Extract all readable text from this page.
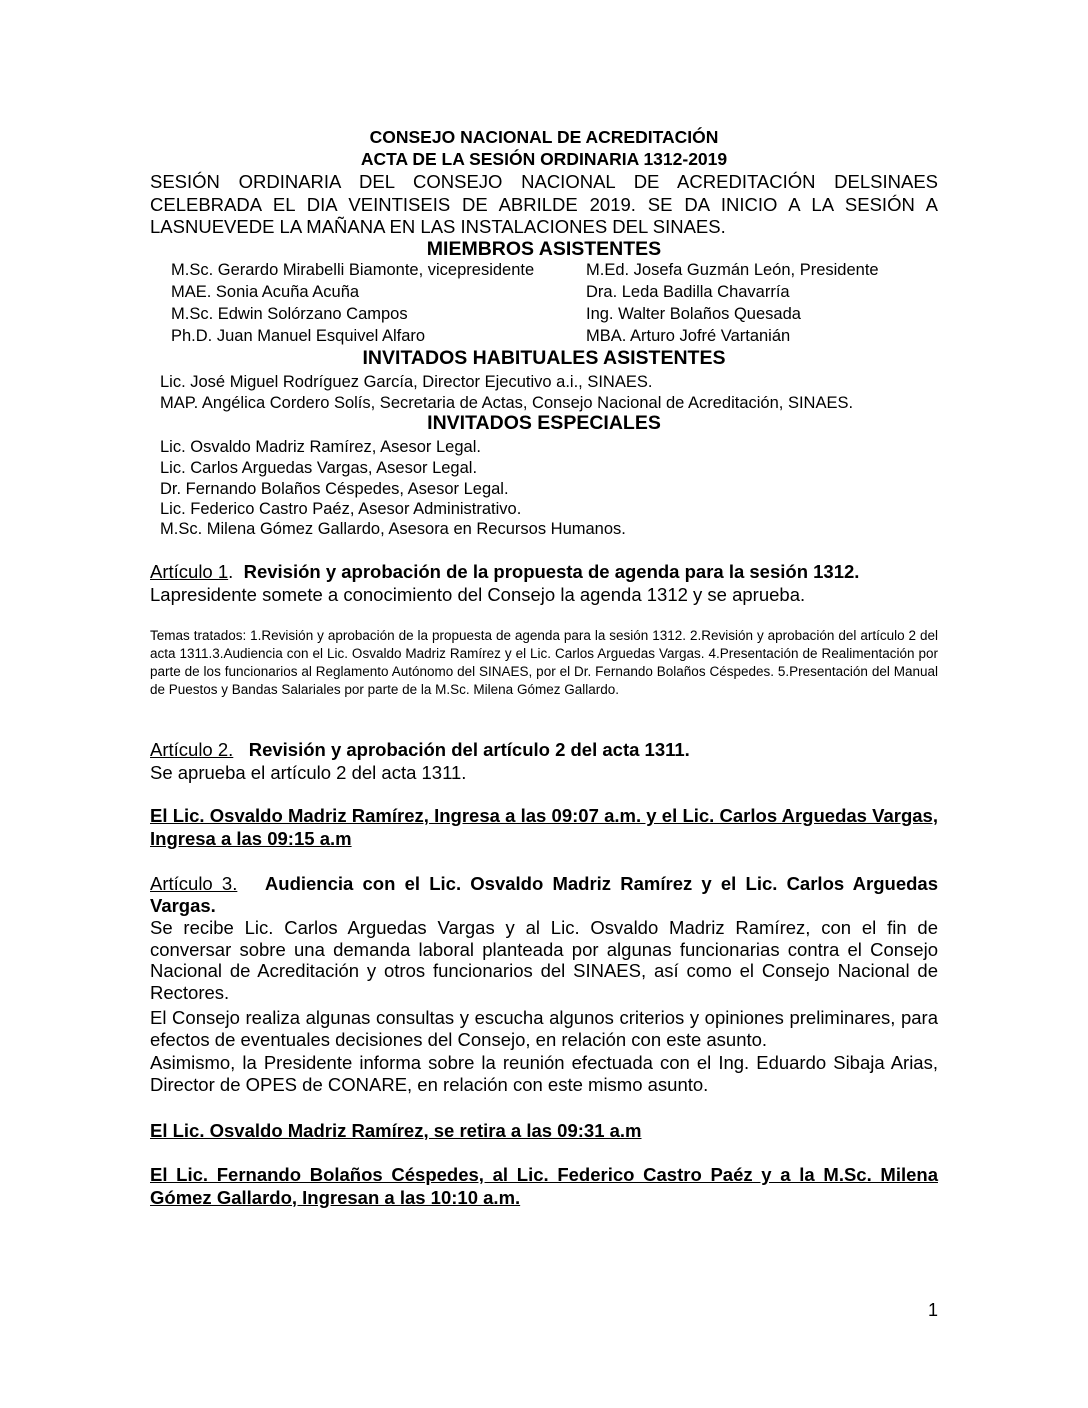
CONSEJO NACIONAL DE ACREDITACIÓN
ACTA DE LA SESIÓN ORDINARIA 1312-2019
SESIÓN ORDINARIA DEL CONSEJO NACIONAL DE ACREDITACIÓN DELSINAES
CELEBRADA EL DIA VEINTISEIS DE ABRILDE 2019. SE DA INICIO A LA SESIÓN A
LASNUEVEDE LA MAÑANA EN LAS INSTALACIONES DEL SINAES.
MIEMBROS ASISTENTES
M.Sc. Gerardo Mirabelli Biamonte, vicepresidente
MAE. Sonia Acuña Acuña
M.Sc. Edwin Solórzano Campos
Ph.D. Juan Manuel Esquivel Alfaro
M.Ed. Josefa Guzmán León, Presidente
Dra. Leda Badilla Chavarría
Ing. Walter Bolaños Quesada
MBA. Arturo Jofré Vartanián
INVITADOS HABITUALES ASISTENTES
Lic. José Miguel Rodríguez García, Director Ejecutivo a.i., SINAES.
MAP. Angélica Cordero Solís, Secretaria de Actas, Consejo Nacional de Acreditación, SINAES.
INVITADOS ESPECIALES
Lic. Osvaldo Madriz Ramírez, Asesor Legal.
Lic. Carlos Arguedas Vargas, Asesor Legal.
Dr. Fernando Bolaños Céspedes, Asesor Legal.
Lic. Federico Castro Paéz, Asesor Administrativo.
M.Sc. Milena Gómez Gallardo, Asesora en Recursos Humanos.
Artículo 1.  Revisión y aprobación de la propuesta de agenda para la sesión 1312.
Lapresidente somete a conocimiento del Consejo la agenda 1312 y se aprueba.
Temas tratados: 1.Revisión y aprobación de la propuesta de agenda para la sesión 1312. 2.Revisión y aprobación del artículo 2 del acta 1311.3.Audiencia con el Lic. Osvaldo Madriz Ramírez y el Lic. Carlos Arguedas Vargas. 4.Presentación de Realimentación por parte de los funcionarios al Reglamento Autónomo del SINAES, por el Dr. Fernando Bolaños Céspedes. 5.Presentación del Manual de Puestos y Bandas Salariales por parte de la M.Sc. Milena Gómez Gallardo.
Artículo 2. Revisión y aprobación del artículo 2 del acta 1311.
Se aprueba el artículo 2 del acta 1311.
El Lic. Osvaldo Madriz Ramírez, Ingresa a las 09:07 a.m. y el Lic. Carlos Arguedas Vargas, Ingresa a las 09:15 a.m
Artículo 3. Audiencia con el Lic. Osvaldo Madriz Ramírez y el Lic. Carlos Arguedas Vargas.
Se recibe Lic. Carlos Arguedas Vargas y al Lic. Osvaldo Madriz Ramírez, con el fin de conversar sobre una demanda laboral planteada por algunas funcionarias contra el Consejo Nacional de Acreditación y otros funcionarios del SINAES, así como el Consejo Nacional de Rectores.
El Consejo realiza algunas consultas y escucha algunos criterios y opiniones preliminares, para efectos de eventuales decisiones del Consejo, en relación con este asunto.
Asimismo, la Presidente informa sobre la reunión efectuada con el Ing. Eduardo Sibaja Arias, Director de OPES de CONARE, en relación con este mismo asunto.
El Lic. Osvaldo Madriz Ramírez, se retira a las 09:31 a.m
El Lic. Fernando Bolaños Céspedes, al Lic. Federico Castro Paéz y a la M.Sc. Milena Gómez Gallardo, Ingresan a las 10:10 a.m.
1
